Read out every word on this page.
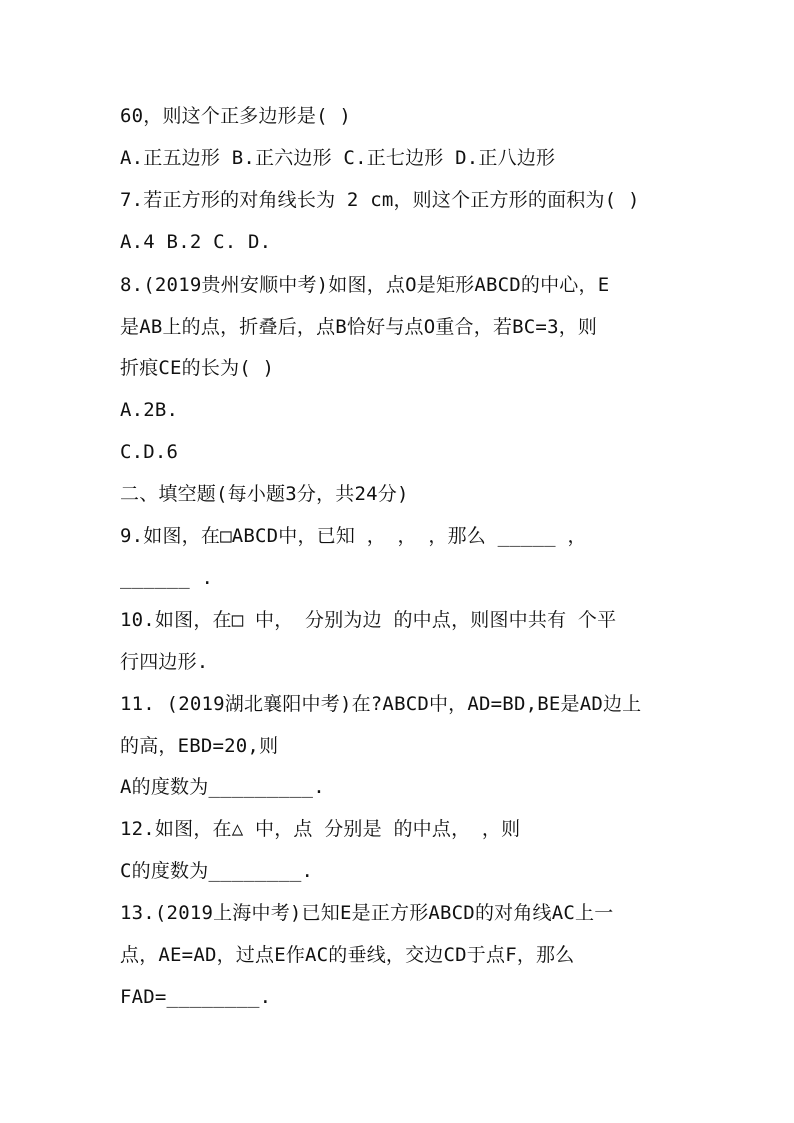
60，则这个正多边形是( )
A.正五边形 B.正六边形 C.正七边形 D.正八边形
7.若正方形的对角线长为 2 cm，则这个正方形的面积为( )
A.4 B.2 C. D.
8.(2019贵州安顺中考)如图，点O是矩形ABCD的中心，E
是AB上的点，折叠后，点B恰好与点O重合，若BC=3，则
折痕CE的长为( )
A.2B.
C.D.6
二、填空题(每小题3分，共24分)
9.如图，在□ABCD中，已知 ， ， ，那么 _____ ，
______ .
10.如图，在□ 中， 分别为边 的中点，则图中共有 个平
行四边形.
11. (2019湖北襄阳中考)在?ABCD中，AD=BD,BE是AD边上
的高，EBD=20,则
A的度数为_________.
12.如图，在△ 中，点 分别是 的中点， ，则
C的度数为________.
13.(2019上海中考)已知E是正方形ABCD的对角线AC上一
点，AE=AD，过点E作AC的垂线，交边CD于点F，那么
FAD=________.
